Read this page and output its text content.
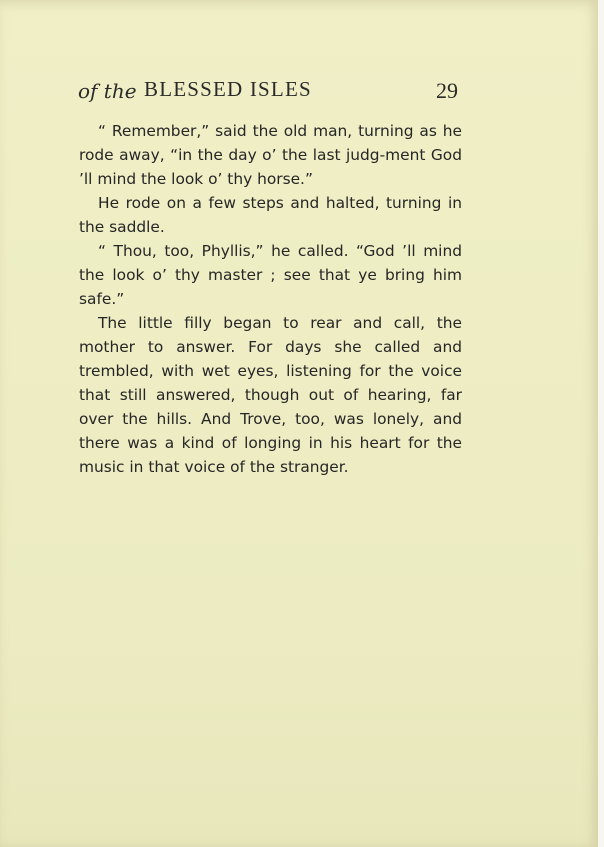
of the BLESSED ISLES	29

“ Remember,” said the old man, turning as he rode away, “in the day o’ the last judg-ment God ’ll mind the look o’ thy horse.”

He rode on a few steps and halted, turning in the saddle.

“ Thou, too, Phyllis,” he called. “God ’ll mind the look o’ thy master ; see that ye bring him safe.”

The little filly began to rear and call, the mother to answer. For days she called and trembled, with wet eyes, listening for the voice that still answered, though out of hearing, far over the hills. And Trove, too, was lonely, and there was a kind of longing in his heart for the music in that voice of the stranger.
